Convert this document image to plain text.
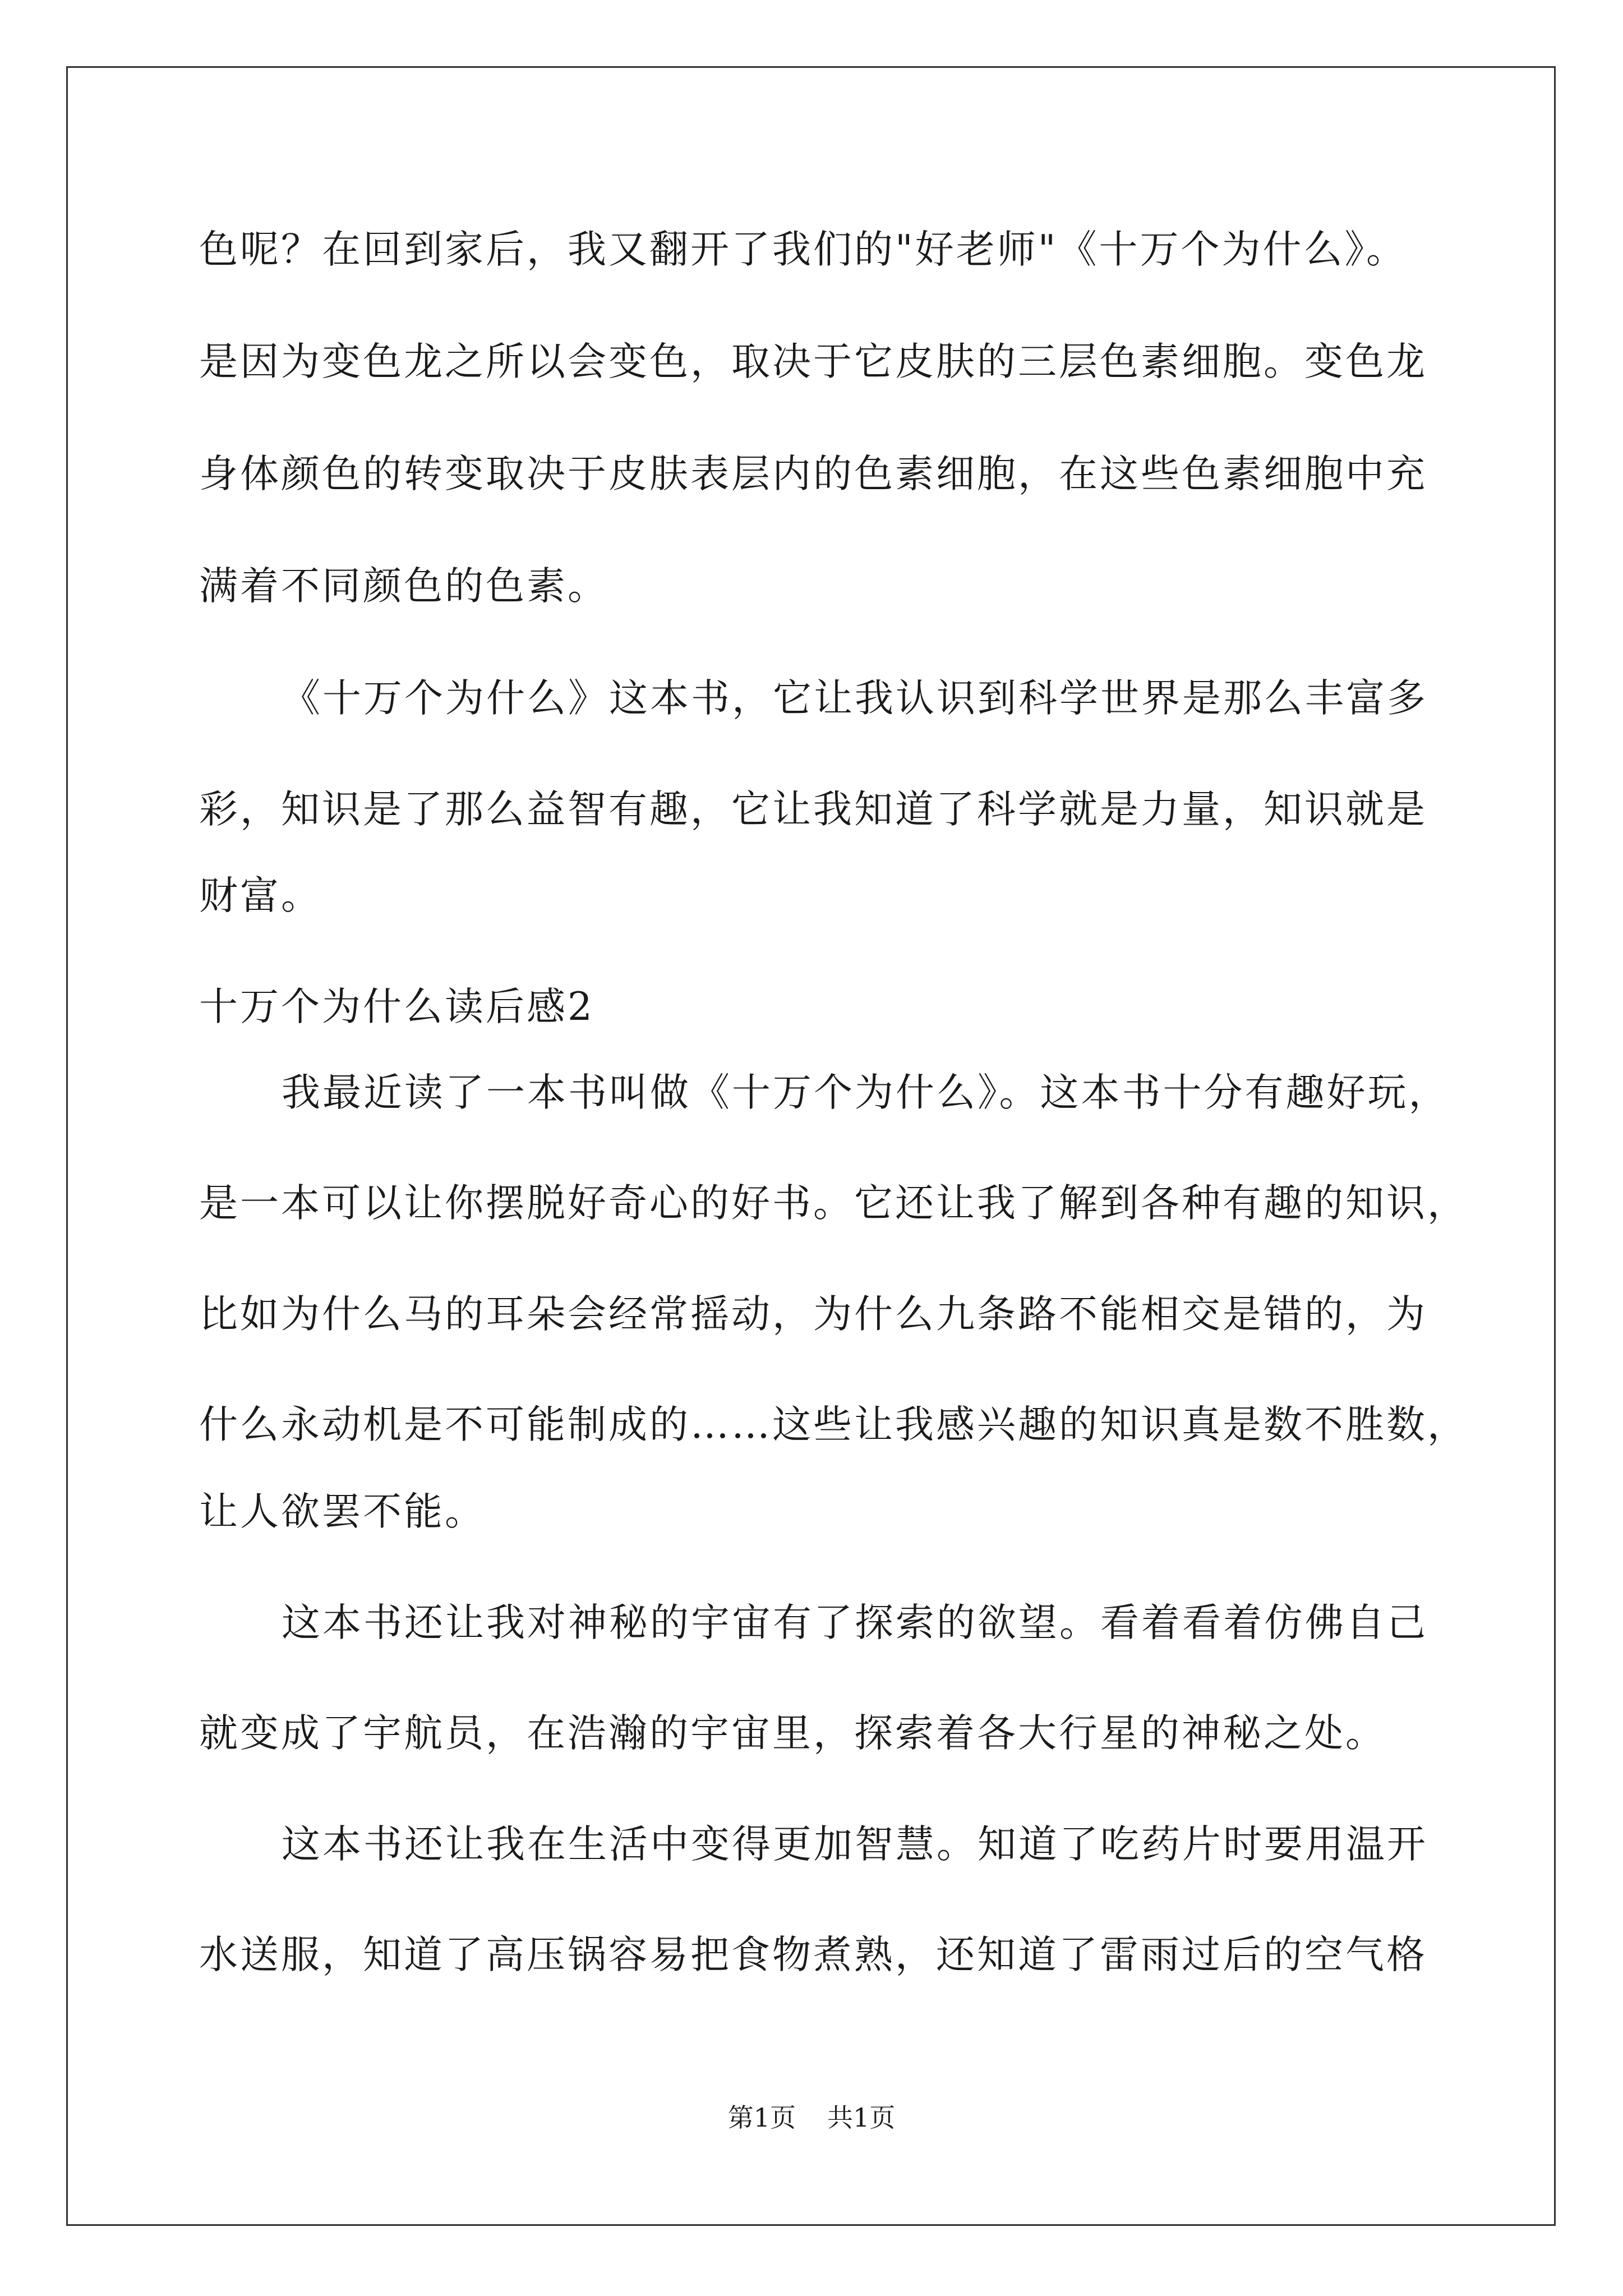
色呢？在回到家后，我又翻开了我们的"好老师"《十万个为什么》。
是因为变色龙之所以会变色，取决于它皮肤的三层色素细胞。变色龙
身体颜色的转变取决于皮肤表层内的色素细胞，在这些色素细胞中充
满着不同颜色的色素。
《十万个为什么》这本书，它让我认识到科学世界是那么丰富多
彩，知识是了那么益智有趣，它让我知道了科学就是力量，知识就是
财富。
十万个为什么读后感2
我最近读了一本书叫做《十万个为什么》。这本书十分有趣好玩，
是一本可以让你摆脱好奇心的好书。它还让我了解到各种有趣的知识，
比如为什么马的耳朵会经常摇动，为什么九条路不能相交是错的，为
什么永动机是不可能制成的……这些让我感兴趣的知识真是数不胜数，
让人欲罢不能。
这本书还让我对神秘的宇宙有了探索的欲望。看着看着仿佛自己
就变成了宇航员，在浩瀚的宇宙里，探索着各大行星的神秘之处。
这本书还让我在生活中变得更加智慧。知道了吃药片时要用温开
水送服，知道了高压锅容易把食物煮熟，还知道了雷雨过后的空气格
第1页 共1页
